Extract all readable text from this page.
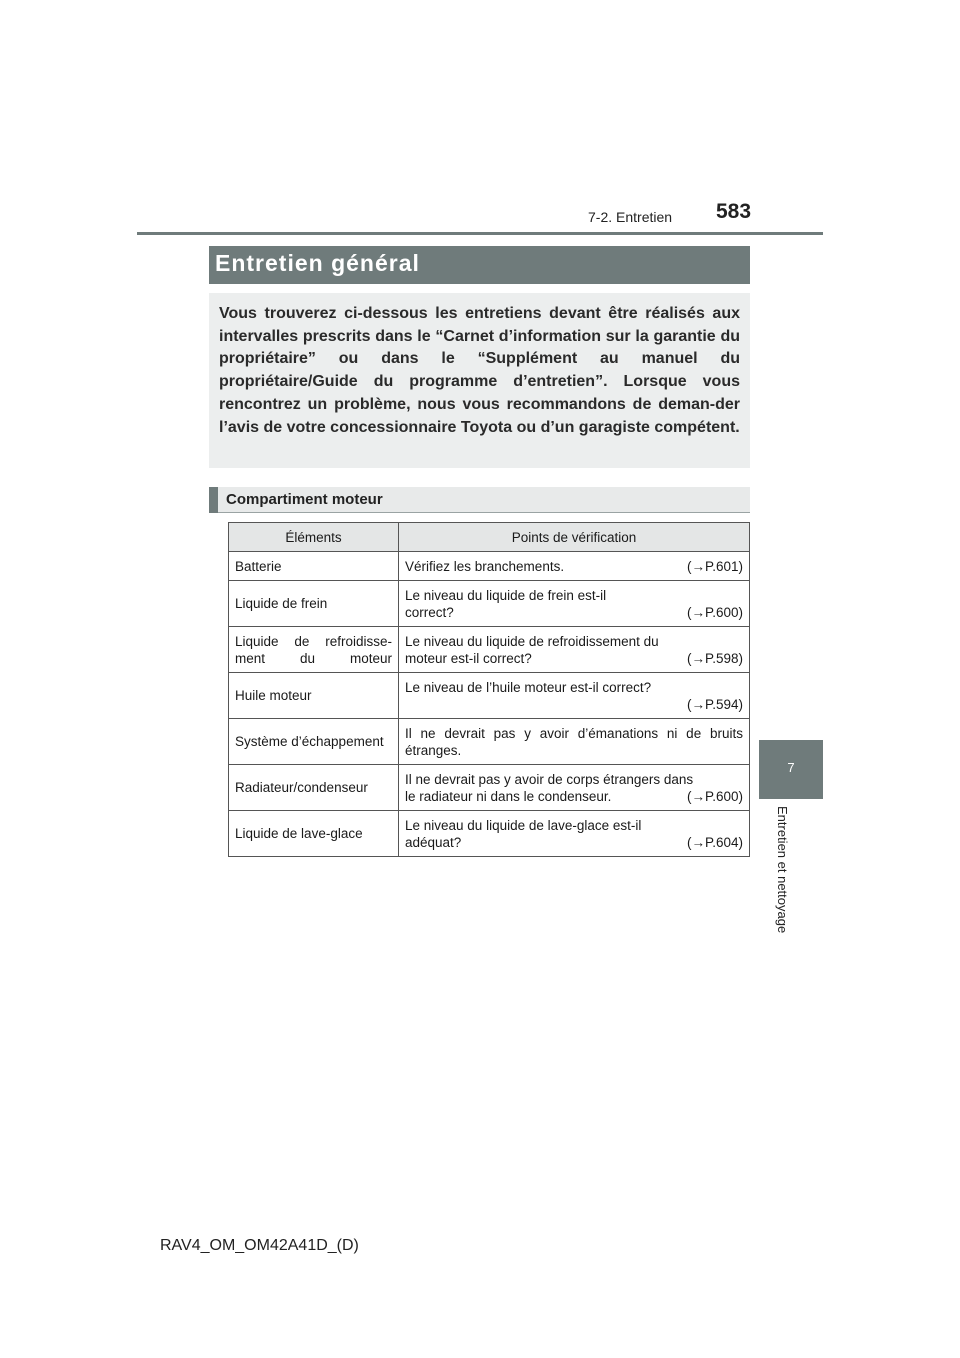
7-2. Entretien 583
7
Entretien et nettoyage
Entretien général
Vous trouverez ci-dessous les entretiens devant être réalisés aux intervalles prescrits dans le “Carnet d’information sur la garantie du propriétaire” ou dans le “Supplément au manuel du propriétaire/Guide du programme d’entretien”. Lorsque vous rencontrez un problème, nous vous recommandons de deman-der l’avis de votre concessionnaire Toyota ou d’un garagiste compétent.
Compartiment moteur
Éléments	Points de vérification
Batterie	Vérifiez les branchements. (→P.601)

Liquide de frein	Le niveau du liquide de frein est-il correct? (→P.600)

Liquide de refroidisse-ment du moteur	Le niveau du liquide de refroidissement du moteur est-il correct? (→P.598)

Huile moteur	Le niveau de l’huile moteur est-il correct?
(→P.594)

Système d’échappement	Il ne devrait pas y avoir d’émanations ni de bruits étranges.

Radiateur/condenseur	Il ne devrait pas y avoir de corps étrangers dans le radiateur ni dans le condenseur. (→P.600)

Liquide de lave-glace	Le niveau du liquide de lave-glace est-il adéquat? (→P.604)
RAV4_OM_OM42A41D_(D)
